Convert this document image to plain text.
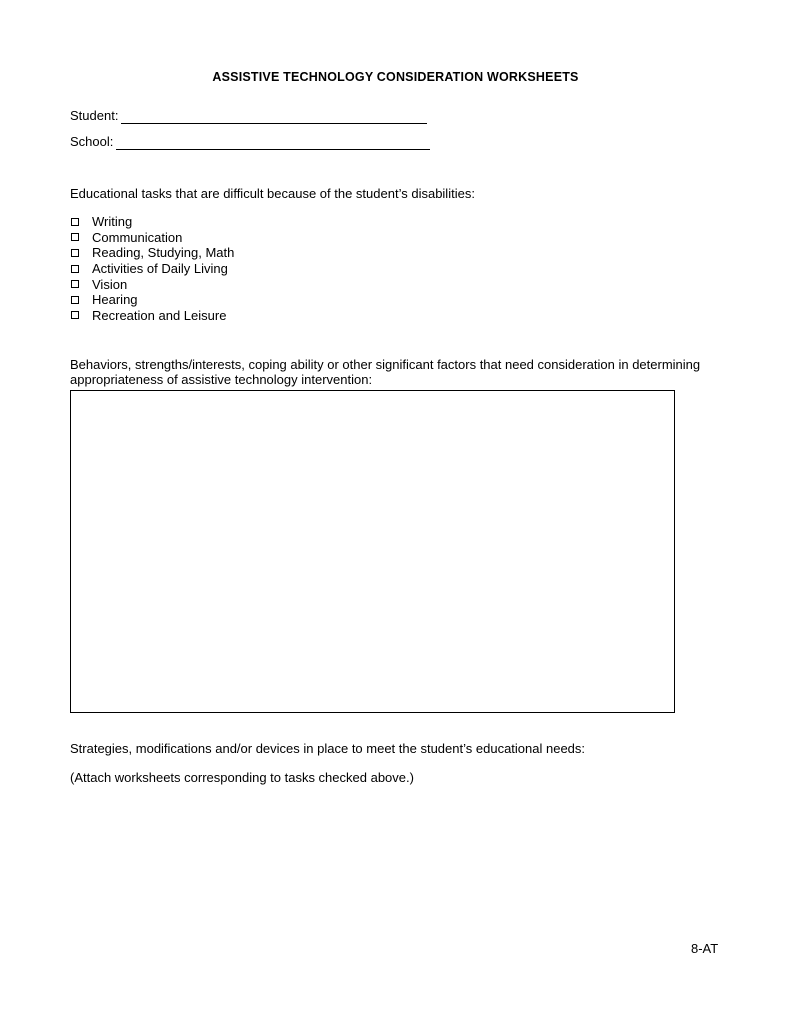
ASSISTIVE TECHNOLOGY CONSIDERATION WORKSHEETS
Student:
School:
Educational tasks that are difficult because of the student’s disabilities:
Writing
Communication
Reading, Studying, Math
Activities of Daily Living
Vision
Hearing
Recreation and Leisure
Behaviors, strengths/interests, coping ability or other significant factors that need consideration in determining
appropriateness of assistive technology intervention:
Strategies, modifications and/or devices in place to meet the student’s educational needs:
(Attach worksheets corresponding to tasks checked above.)
8-AT
